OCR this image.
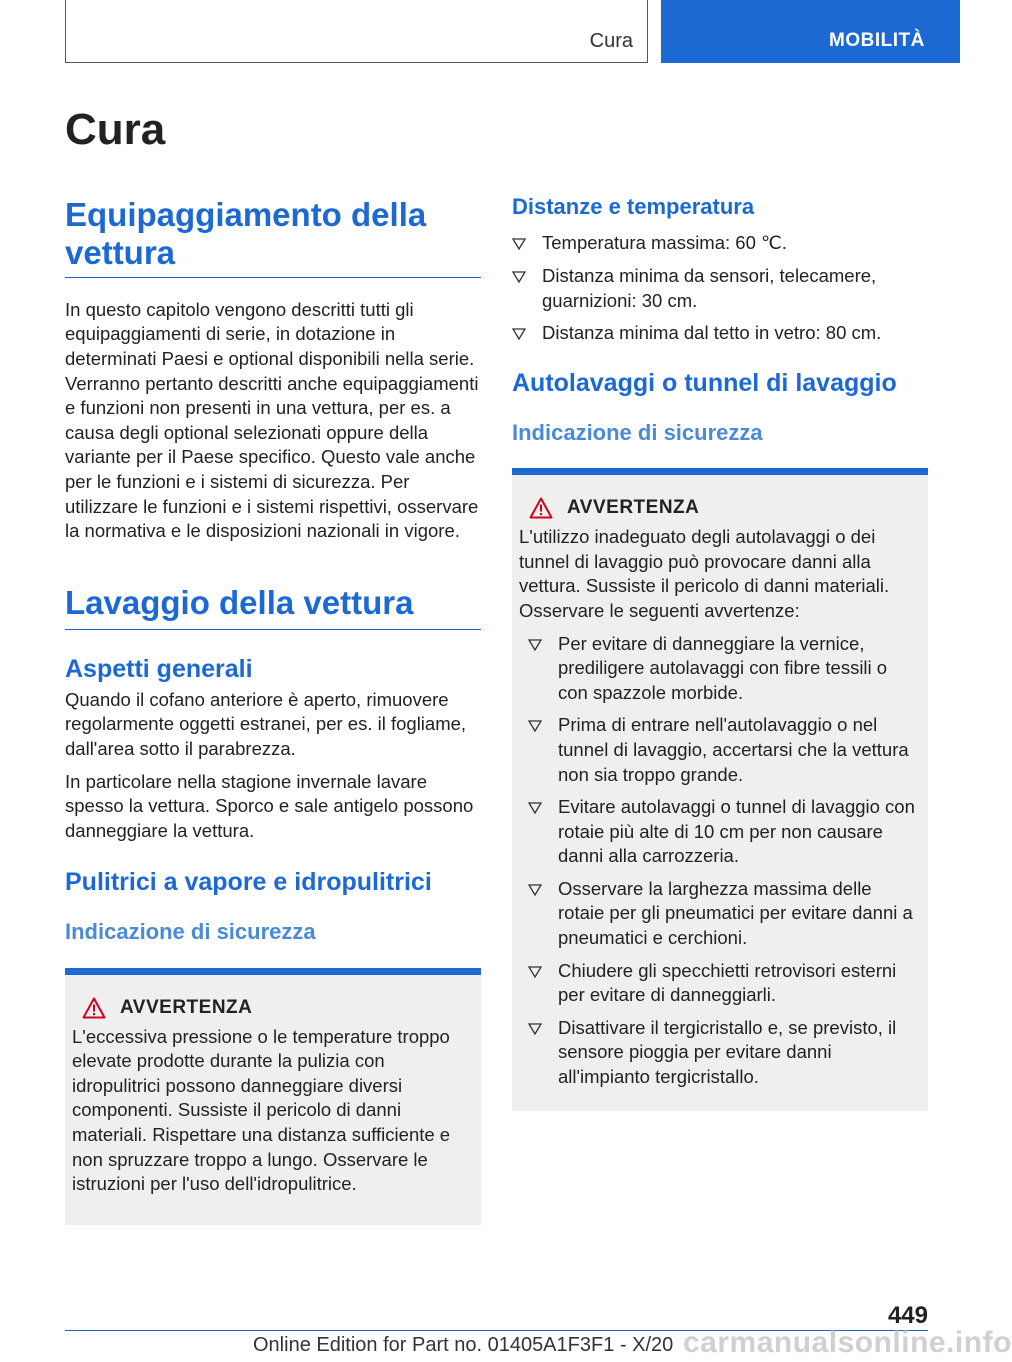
Cura	MOBILITÀ
Cura
Equipaggiamento della vettura

In questo capitolo vengono descritti tutti gli equipaggiamenti di serie, in dotazione in determinati Paesi e optional disponibili nella serie. Verranno pertanto descritti anche equipaggiamenti e funzioni non presenti in una vettura, per es. a causa degli optional selezionati oppure della variante per il Paese specifico. Questo vale anche per le funzioni e i sistemi di sicurezza. Per utilizzare le funzioni e i sistemi rispettivi, osservare la normativa e le disposizioni nazionali in vigore.

Lavaggio della vettura
Aspetti generali

Quando il cofano anteriore è aperto, rimuovere regolarmente oggetti estranei, per es. il fogliame, dall'area sotto il parabrezza.

In particolare nella stagione invernale lavare spesso la vettura. Sporco e sale antigelo possono danneggiare la vettura.

Pulitrici a vapore e idropulitrici
Indicazione di sicurezza
AVVERTENZA
L'eccessiva pressione o le temperature troppo elevate prodotte durante la pulizia con idropulitrici possono danneggiare diversi componenti. Sussiste il pericolo di danni materiali. Rispettare una distanza sufficiente e non spruzzare troppo a lungo. Osservare le istruzioni per l'uso dell'idropulitrice.
Distanze e temperatura
Temperatura massima: 60 ℃.
Distanza minima da sensori, telecamere, guarnizioni: 30 cm.
Distanza minima dal tetto in vetro: 80 cm.
Autolavaggi o tunnel di lavaggio
Indicazione di sicurezza
AVVERTENZA
L'utilizzo inadeguato degli autolavaggi o dei tunnel di lavaggio può provocare danni alla vettura. Sussiste il pericolo di danni materiali. Osservare le seguenti avvertenze:
Per evitare di danneggiare la vernice, prediligere autolavaggi con fibre tessili o con spazzole morbide.
Prima di entrare nell'autolavaggio o nel tunnel di lavaggio, accertarsi che la vettura non sia troppo grande.
Evitare autolavaggi o tunnel di lavaggio con rotaie più alte di 10 cm per non causare danni alla carrozzeria.
Osservare la larghezza massima delle rotaie per gli pneumatici per evitare danni a pneumatici e cerchioni.
Chiudere gli specchietti retrovisori esterni per evitare di danneggiarli.
Disattivare il tergicristallo e, se previsto, il sensore pioggia per evitare danni all'impianto tergicristallo.
449
Online Edition for Part no. 01405A1F3F1 - X/20 carmanualsonline.info
